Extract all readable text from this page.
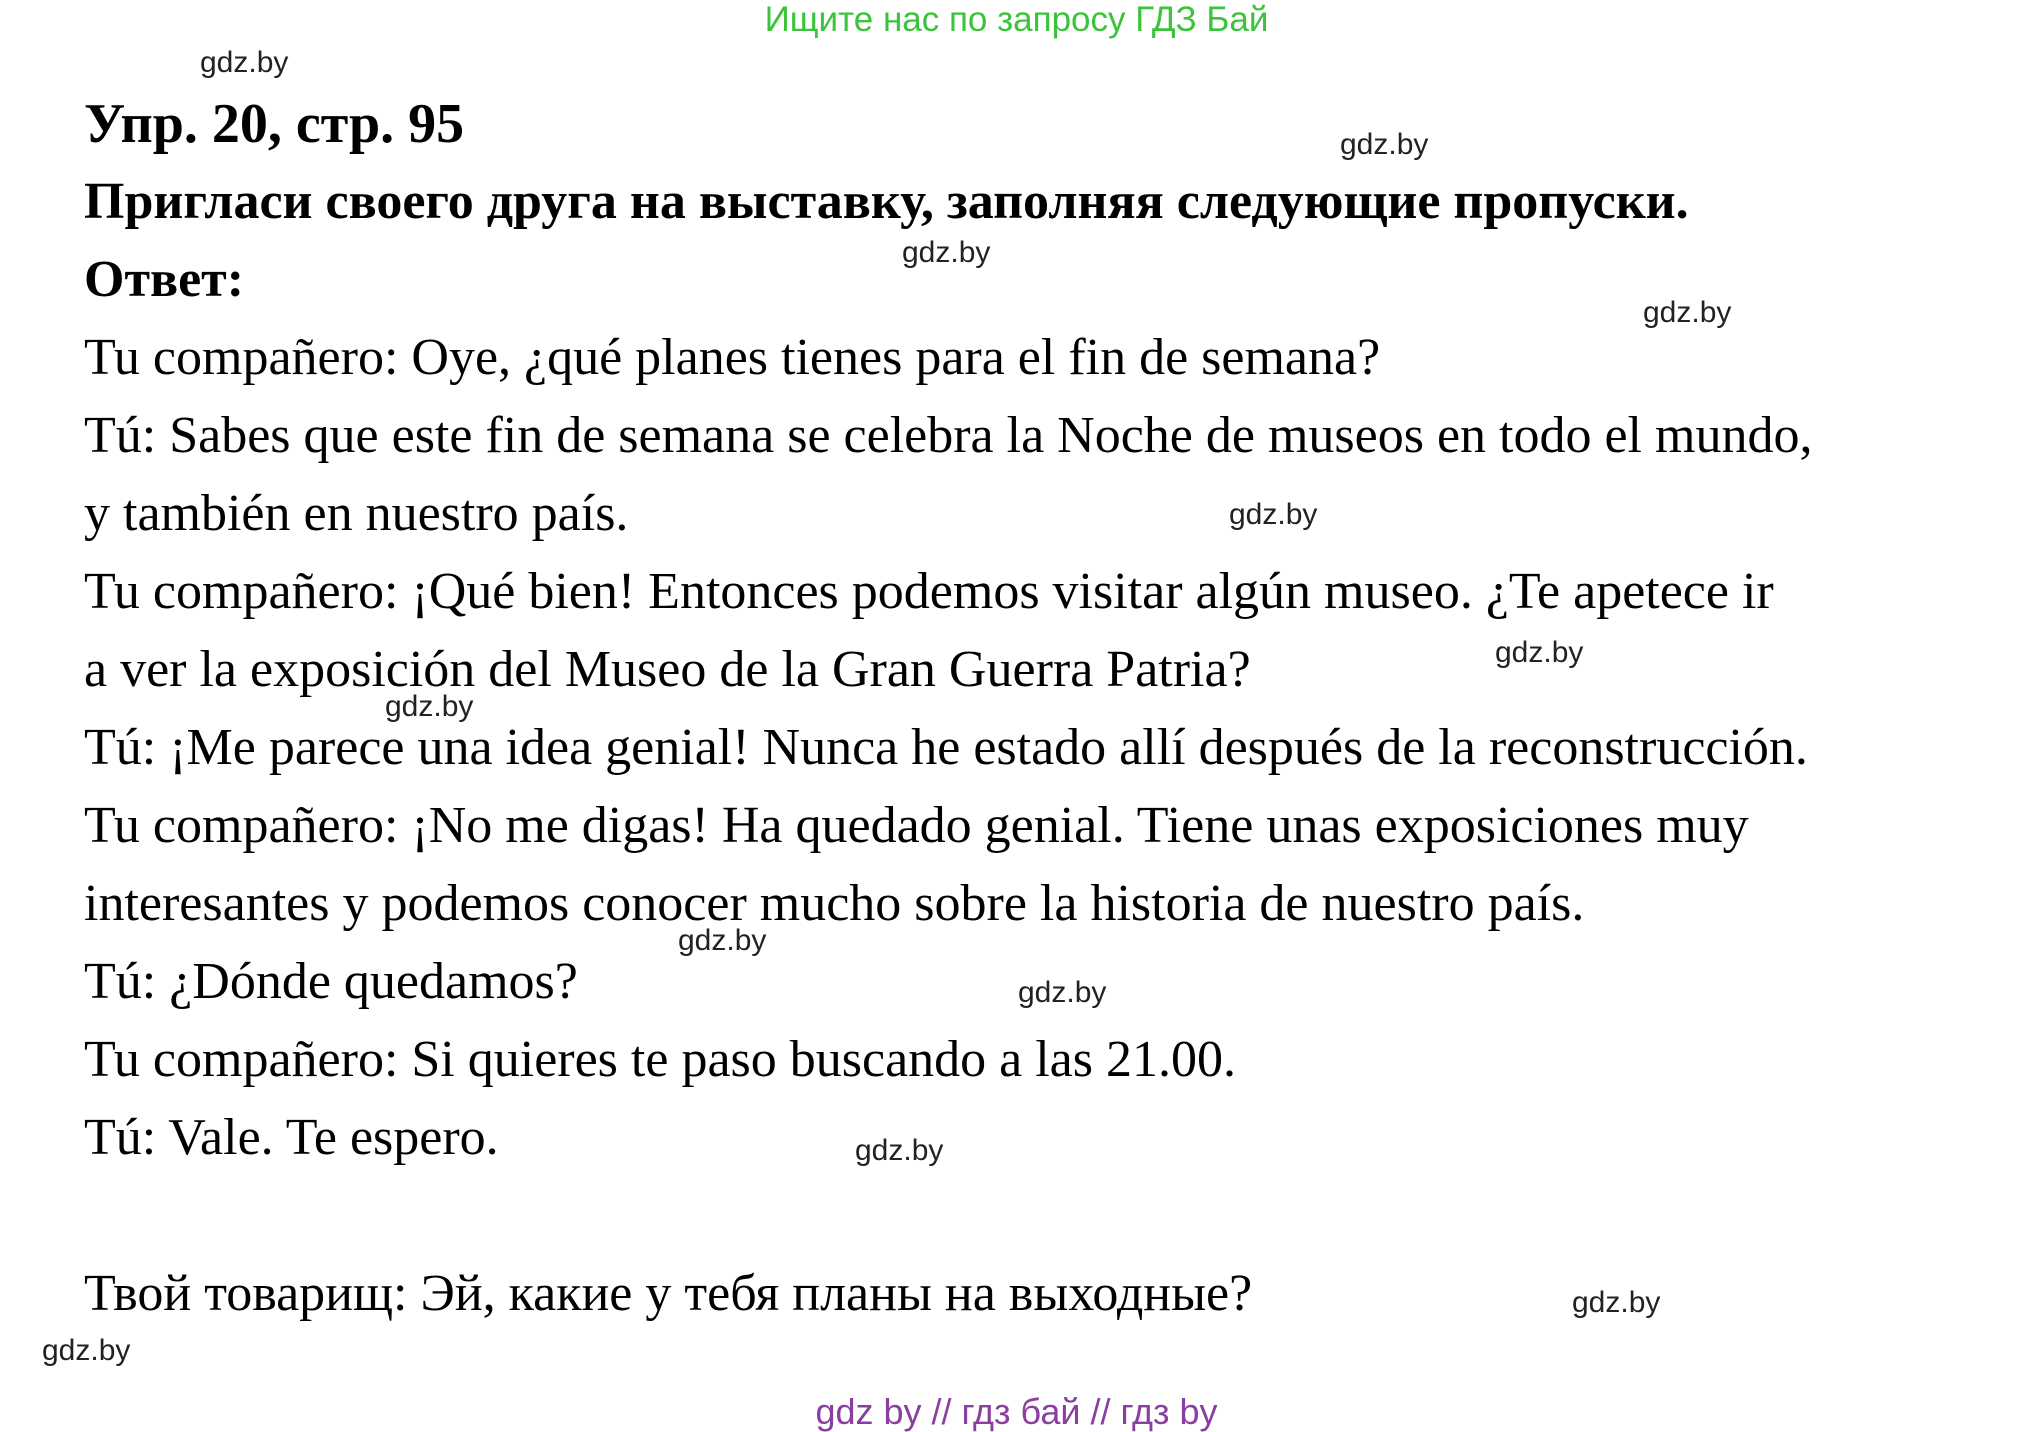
Ищите нас по запросу ГДЗ Бай
Упр. 20, стр. 95
Пригласи своего друга на выставку, заполняя следующие пропуски.
Ответ:
Tu compañero: Oye, ¿qué planes tienes para el fin de semana?
Tú: Sabes que este fin de semana se celebra la Noche de museos en todo el mundo,
y también en nuestro país.
Tu compañero: ¡Qué bien! Entonces podemos visitar algún museo. ¿Te apetece ir
a ver la exposición del Museo de la Gran Guerra Patria?
Tú: ¡Me parece una idea genial! Nunca he estado allí después de la reconstrucción.
Tu compañero: ¡No me digas! Ha quedado genial. Tiene unas exposiciones muy
interesantes y podemos conocer mucho sobre la historia de nuestro país.
Tú: ¿Dónde quedamos?
Tu compañero: Si quieres te paso buscando a las 21.00.
Tú: Vale. Te espero.
Твой товарищ: Эй, какие у тебя планы на выходные?
gdz.by
gdz.by
gdz.by
gdz.by
gdz.by
gdz.by
gdz.by
gdz.by
gdz.by
gdz.by
gdz.by
gdz.by
gdz by // гдз бай // гдз by
